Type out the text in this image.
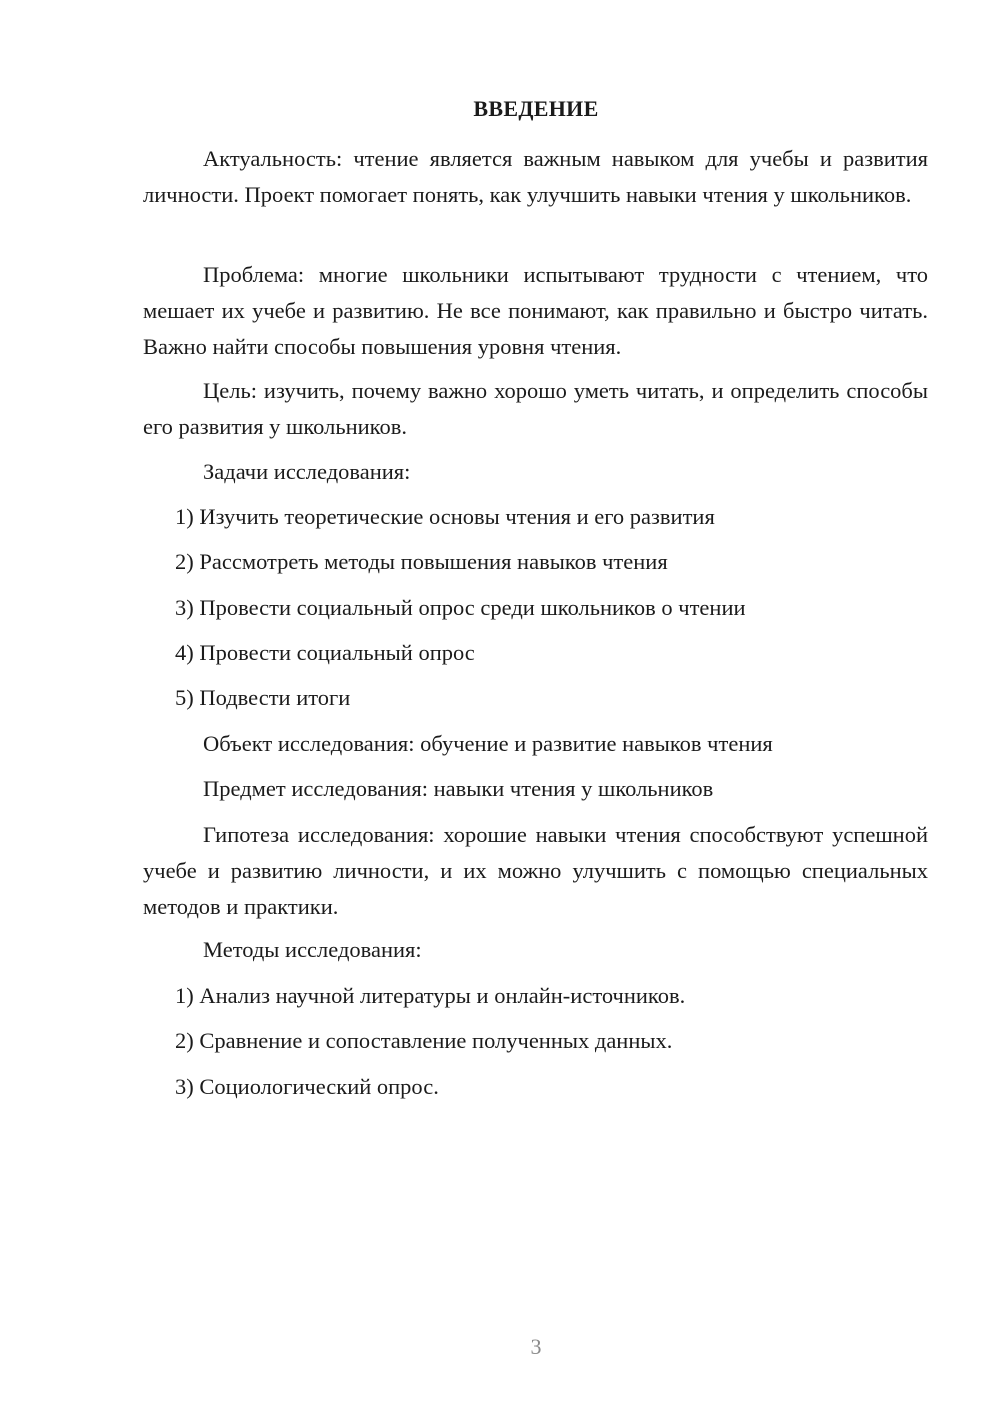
ВВЕДЕНИЕ

Актуальность: чтение является важным навыком для учебы и развития личности. Проект помогает понять, как улучшить навыки чтения у школьников.

Проблема: многие школьники испытывают трудности с чтением, что мешает их учебе и развитию. Не все понимают, как правильно и быстро читать. Важно найти способы повышения уровня чтения.

Цель: изучить, почему важно хорошо уметь читать, и определить способы его развития у школьников.

Задачи исследования:

1) Изучить теоретические основы чтения и его развития

2) Рассмотреть методы повышения навыков чтения

3) Провести социальный опрос среди школьников о чтении

4) Провести социальный опрос

5) Подвести итоги

Объект исследования: обучение и развитие навыков чтения

Предмет исследования: навыки чтения у школьников

Гипотеза исследования: хорошие навыки чтения способствуют успешной учебе и развитию личности, и их можно улучшить с помощью специальных методов и практики.

Методы исследования:

1) Анализ научной литературы и онлайн-источников.

2) Сравнение и сопоставление полученных данных.

3) Социологический опрос.

3
